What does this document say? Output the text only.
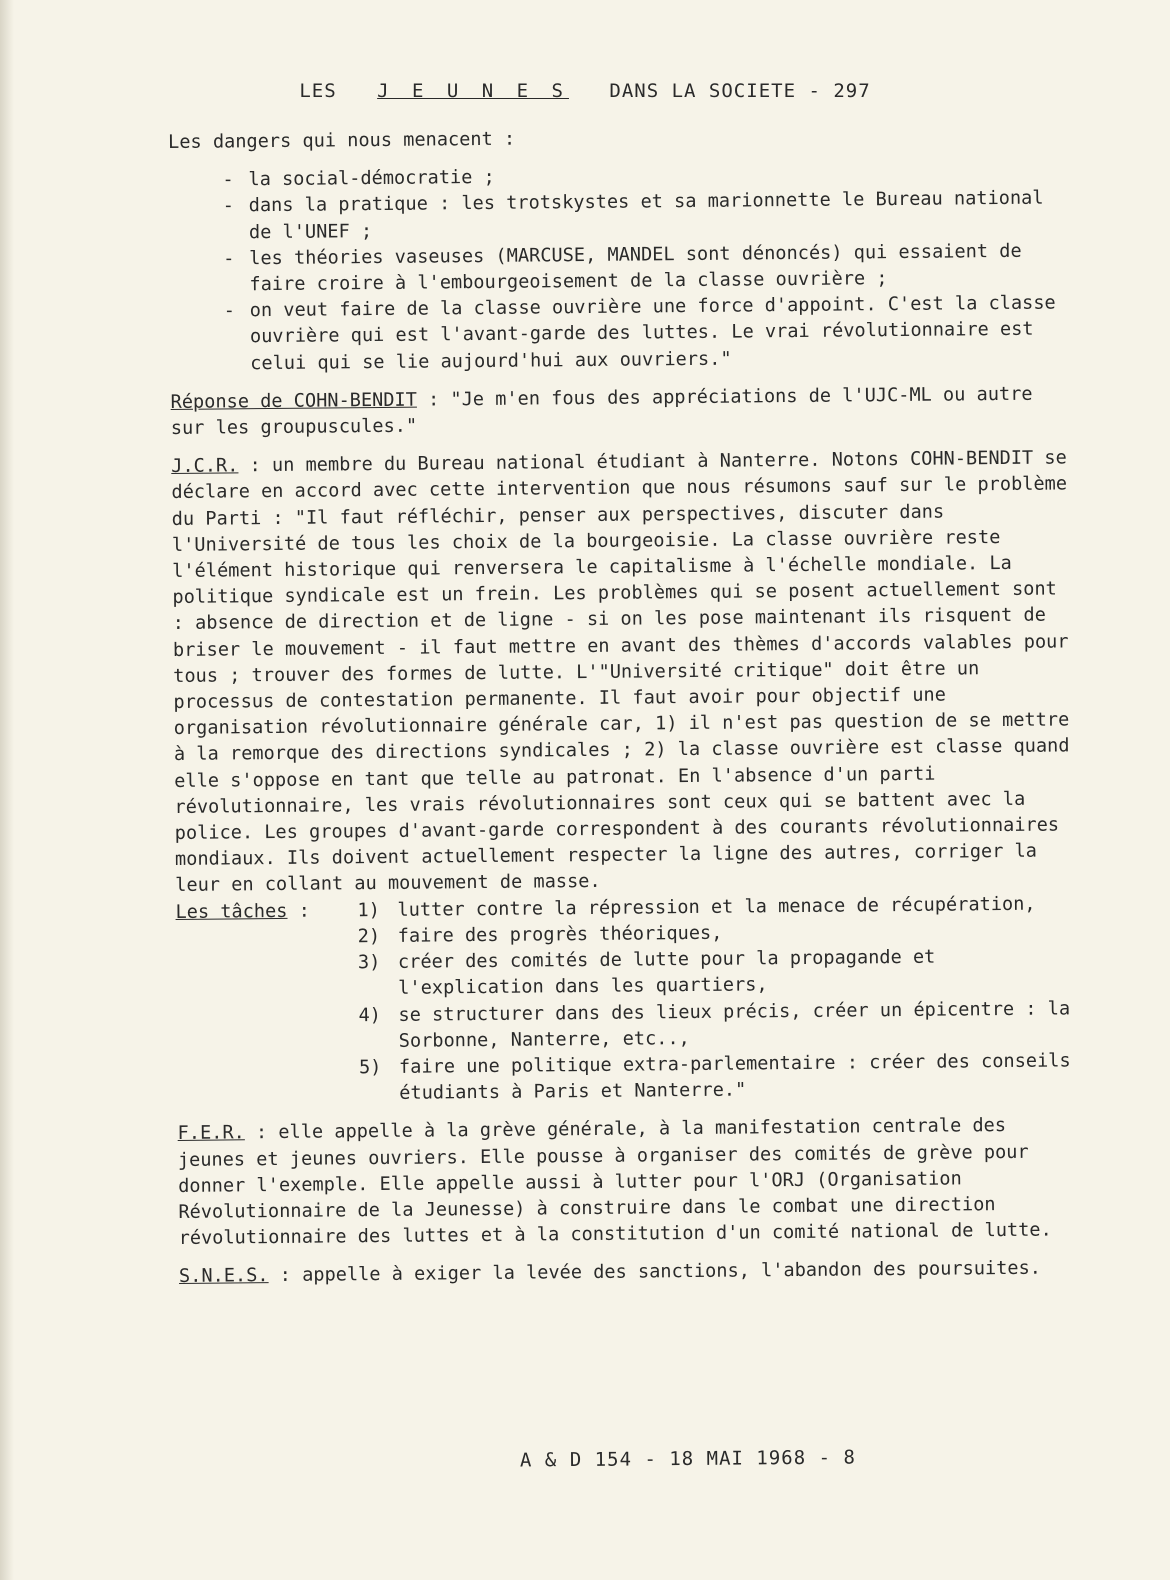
LES J E U N E S DANS LA SOCIETE - 297

Les dangers qui nous menacent :

- la social-démocratie ;
- dans la pratique : les trotskystes et sa marionnette le Bureau national de l'UNEF ;
- les théories vaseuses (MARCUSE, MANDEL sont dénoncés) qui essaient de faire croire à l'embourgeoisement de la classe ouvrière ;
- on veut faire de la classe ouvrière une force d'appoint. C'est la classe ouvrière qui est l'avant-garde des luttes. Le vrai révolutionnaire est celui qui se lie aujourd'hui aux ouvriers."

Réponse de COHN-BENDIT : "Je m'en fous des appréciations de l'UJC-ML ou autre sur les groupuscules."

J.C.R. : un membre du Bureau national étudiant à Nanterre. Notons COHN-BENDIT se déclare en accord avec cette intervention que nous résumons sauf sur le problème du Parti : "Il faut réfléchir, penser aux perspectives, discuter dans l'Université de tous les choix de la bourgeoisie. La classe ouvrière reste l'élément historique qui renversera le capitalisme à l'échelle mondiale. La politique syndicale est un frein. Les problèmes qui se posent actuellement sont : absence de direction et de ligne - si on les pose maintenant ils risquent de briser le mouvement - il faut mettre en avant des thèmes d'accords valables pour tous ; trouver des formes de lutte. L'"Université critique" doit être un processus de contestation permanente. Il faut avoir pour objectif une organisation révolutionnaire générale car, 1) il n'est pas question de se mettre à la remorque des directions syndicales ; 2) la classe ouvrière est classe quand elle s'oppose en tant que telle au patronat. En l'absence d'un parti révolutionnaire, les vrais révolutionnaires sont ceux qui se battent avec la police. Les groupes d'avant-garde correspondent à des courants révolutionnaires mondiaux. Ils doivent actuellement respecter la ligne des autres, corriger la leur en collant au mouvement de masse.

Les tâches :	1) lutter contre la répression et la menace de récupération,
2) faire des progrès théoriques,
3) créer des comités de lutte pour la propagande et l'explication dans les quartiers,
4) se structurer dans des lieux précis, créer un épicentre : la Sorbonne, Nanterre, etc..,
5) faire une politique extra-parlementaire : créer des conseils étudiants à Paris et Nanterre."

F.E.R. : elle appelle à la grève générale, à la manifestation centrale des jeunes et jeunes ouvriers. Elle pousse à organiser des comités de grève pour donner l'exemple. Elle appelle aussi à lutter pour l'ORJ (Organisation Révolutionnaire de la Jeunesse) à construire dans le combat une direction révolutionnaire des luttes et à la constitution d'un comité national de lutte.

S.N.E.S. : appelle à exiger la levée des sanctions, l'abandon des poursuites.

A & D 154 - 18 MAI 1968 - 8
